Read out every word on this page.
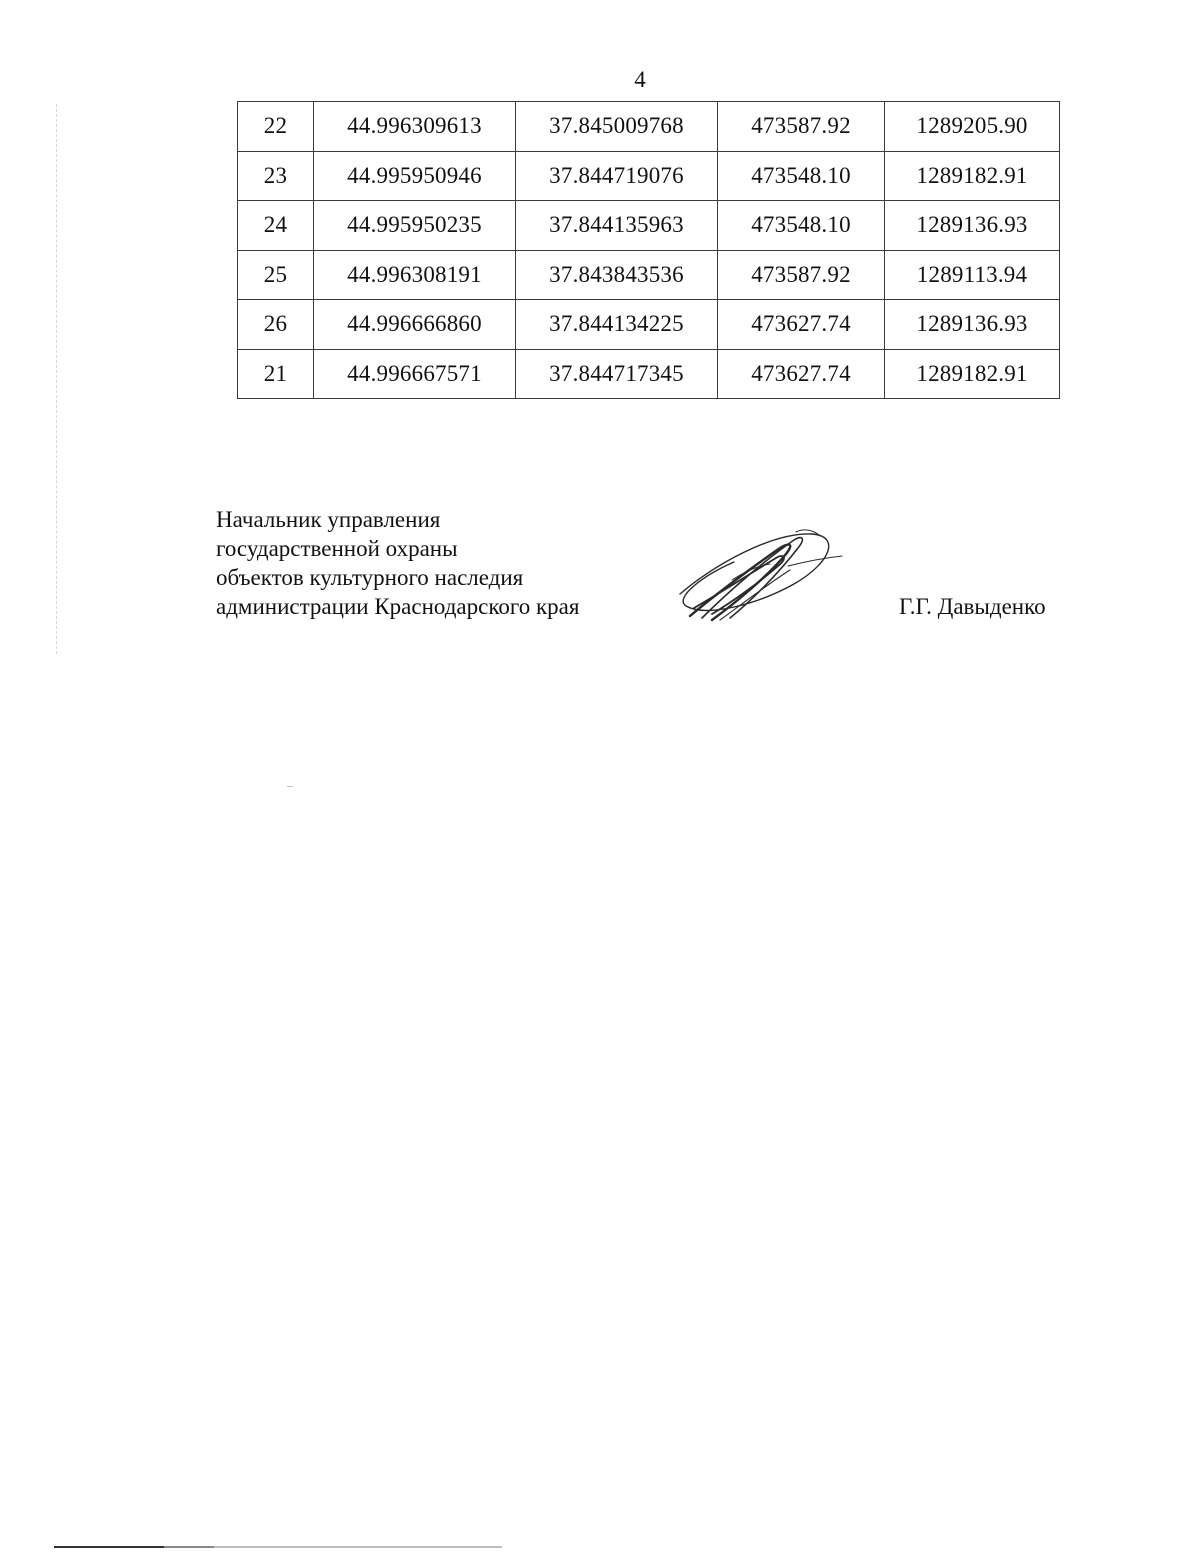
4
22	44.996309613	37.845009768	473587.92	1289205.90
23	44.995950946	37.844719076	473548.10	1289182.91
24	44.995950235	37.844135963	473548.10	1289136.93
25	44.996308191	37.843843536	473587.92	1289113.94
26	44.996666860	37.844134225	473627.74	1289136.93
21	44.996667571	37.844717345	473627.74	1289182.91
Начальник управления
государственной охраны
объектов культурного наследия
администрации Краснодарского края	Г.Г. Давыденко
